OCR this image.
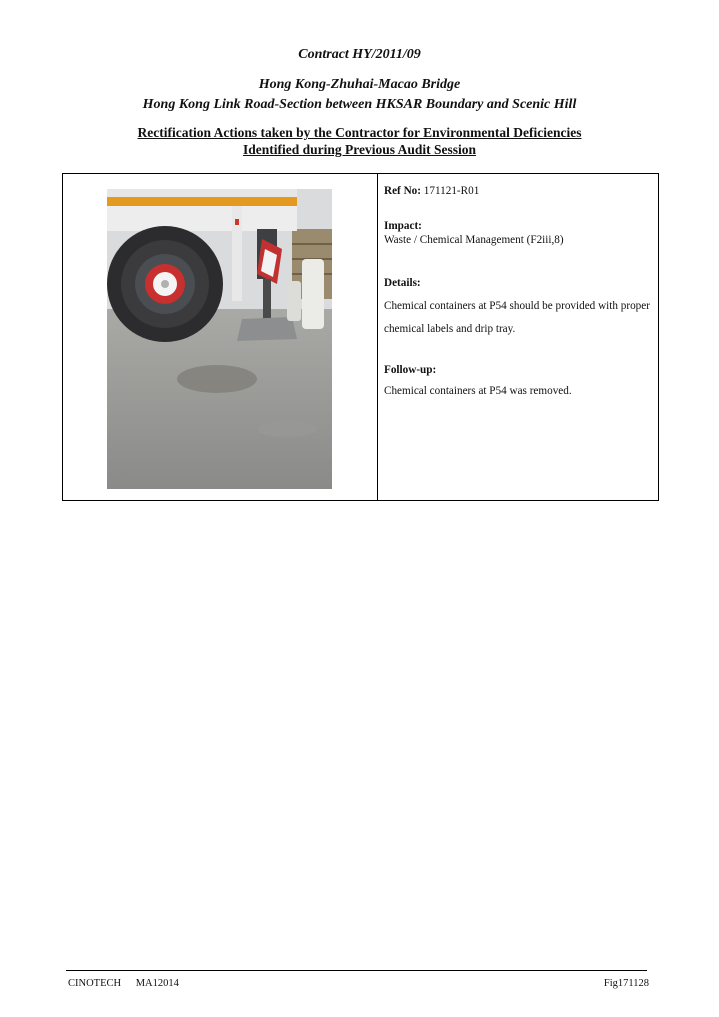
Contract HY/2011/09
Hong Kong-Zhuhai-Macao Bridge
Hong Kong Link Road-Section between HKSAR Boundary and Scenic Hill
Rectification Actions taken by the Contractor for Environmental Deficiencies
Identified during Previous Audit Session
Ref No: 171121-R01
Impact:
Waste / Chemical Management (F2iii,8)
Details:
Chemical containers at P54 should be provided with proper chemical labels and drip tray.
Follow-up:
Chemical containers at P54 was removed.
CINOTECH MA12014	Fig171128
